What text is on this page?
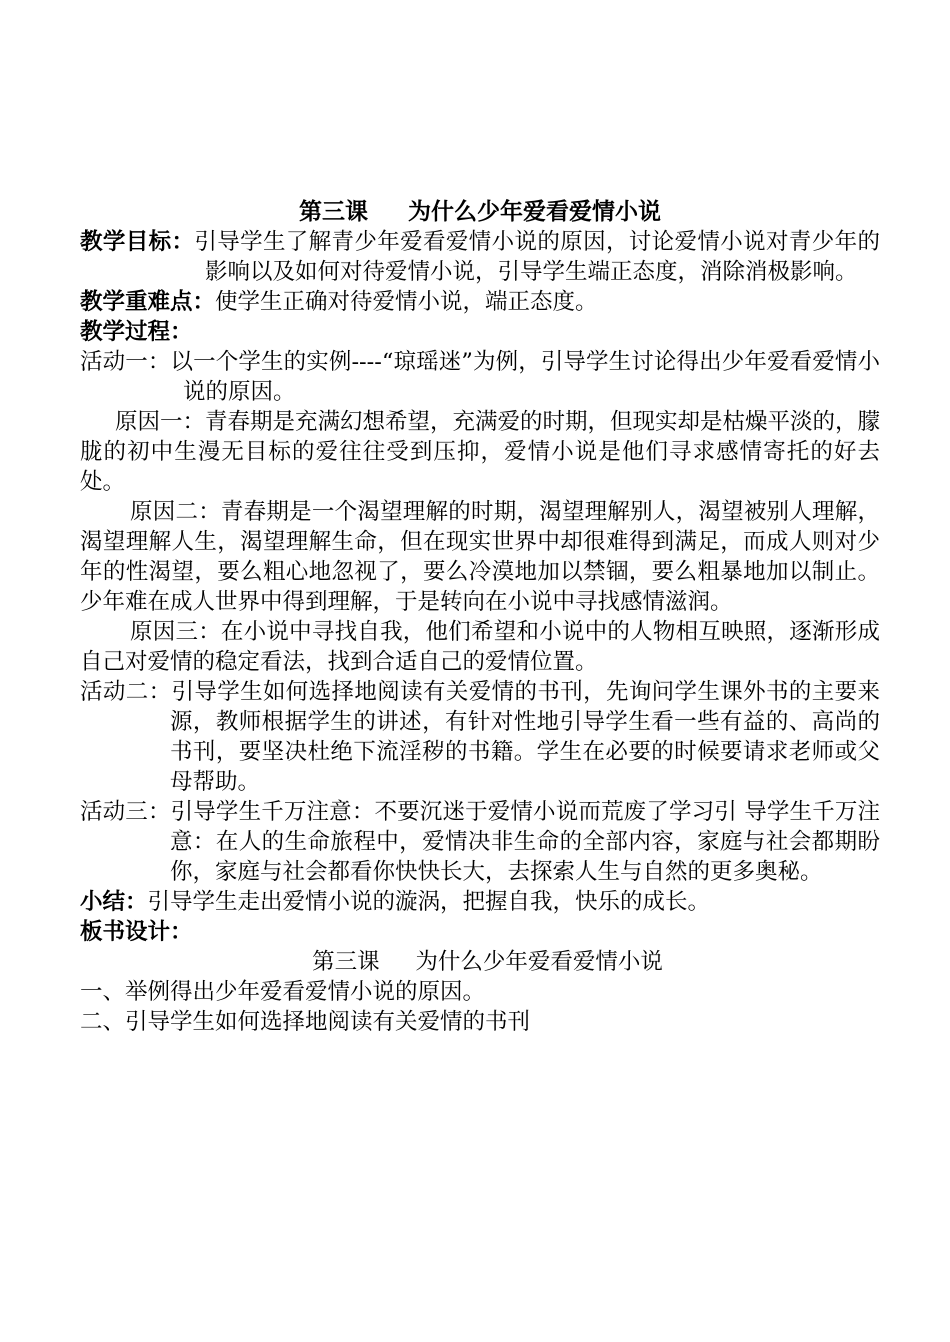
第三课     为什么少年爱看爱情小说
教学目标：引导学生了解青少年爱看爱情小说的原因，讨论爱情小说对青少年的影响以及如何对待爱情小说，引导学生端正态度，消除消极影响。
教学重难点：使学生正确对待爱情小说，端正态度。
教学过程：
活动一：以一个学生的实例----“琼瑶迷”为例，引导学生讨论得出少年爱看爱情小说的原因。
原因一：青春期是充满幻想希望，充满爱的时期，但现实却是枯燥平淡的，朦胧的初中生漫无目标的爱往往受到压抑，爱情小说是他们寻求感情寄托的好去处。
原因二：青春期是一个渴望理解的时期，渴望理解别人，渴望被别人理解，渴望理解人生，渴望理解生命，但在现实世界中却很难得到满足，而成人则对少年的性渴望，要么粗心地忽视了，要么冷漠地加以禁锢，要么粗暴地加以制止。少年难在成人世界中得到理解，于是转向在小说中寻找感情滋润。
原因三：在小说中寻找自我，他们希望和小说中的人物相互映照，逐渐形成自己对爱情的稳定看法，找到合适自己的爱情位置。
活动二：引导学生如何选择地阅读有关爱情的书刊，先询问学生课外书的主要来源，教师根据学生的讲述，有针对性地引导学生看一些有益的、高尚的书刊，要坚决杜绝下流淫秽的书籍。学生在必要的时候要请求老师或父母帮助。
活动三：引导学生千万注意：不要沉迷于爱情小说而荒废了学习引 导学生千万注意：在人的生命旅程中，爱情决非生命的全部内容，家庭与社会都期盼你，家庭与社会都看你快快长大，去探索人生与自然的更多奥秘。
小结：引导学生走出爱情小说的漩涡，把握自我，快乐的成长。
板书设计：
第三课     为什么少年爱看爱情小说
一、举例得出少年爱看爱情小说的原因。
二、引导学生如何选择地阅读有关爱情的书刊
